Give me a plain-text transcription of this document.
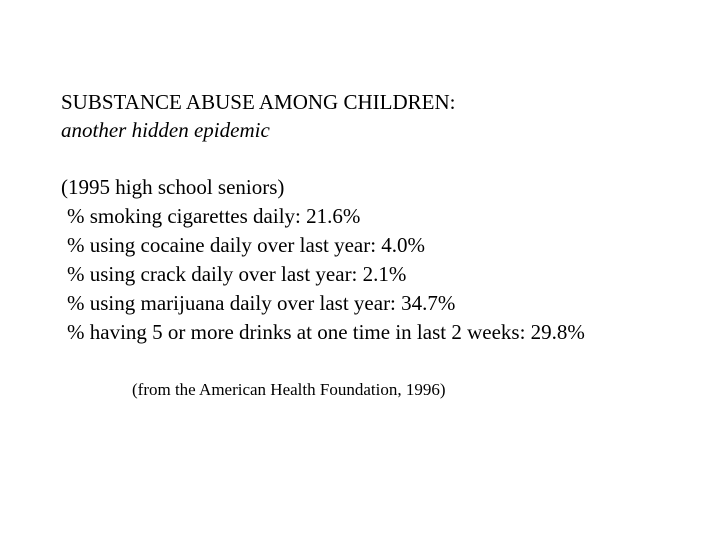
SUBSTANCE ABUSE AMONG CHILDREN:
another hidden epidemic
(1995 high school seniors)
% smoking cigarettes daily: 21.6%
% using cocaine daily over last year: 4.0%
% using crack daily over last year: 2.1%
% using marijuana daily over last year: 34.7%
% having 5 or more drinks at one time in last 2 weeks: 29.8%
(from the American Health Foundation, 1996)
